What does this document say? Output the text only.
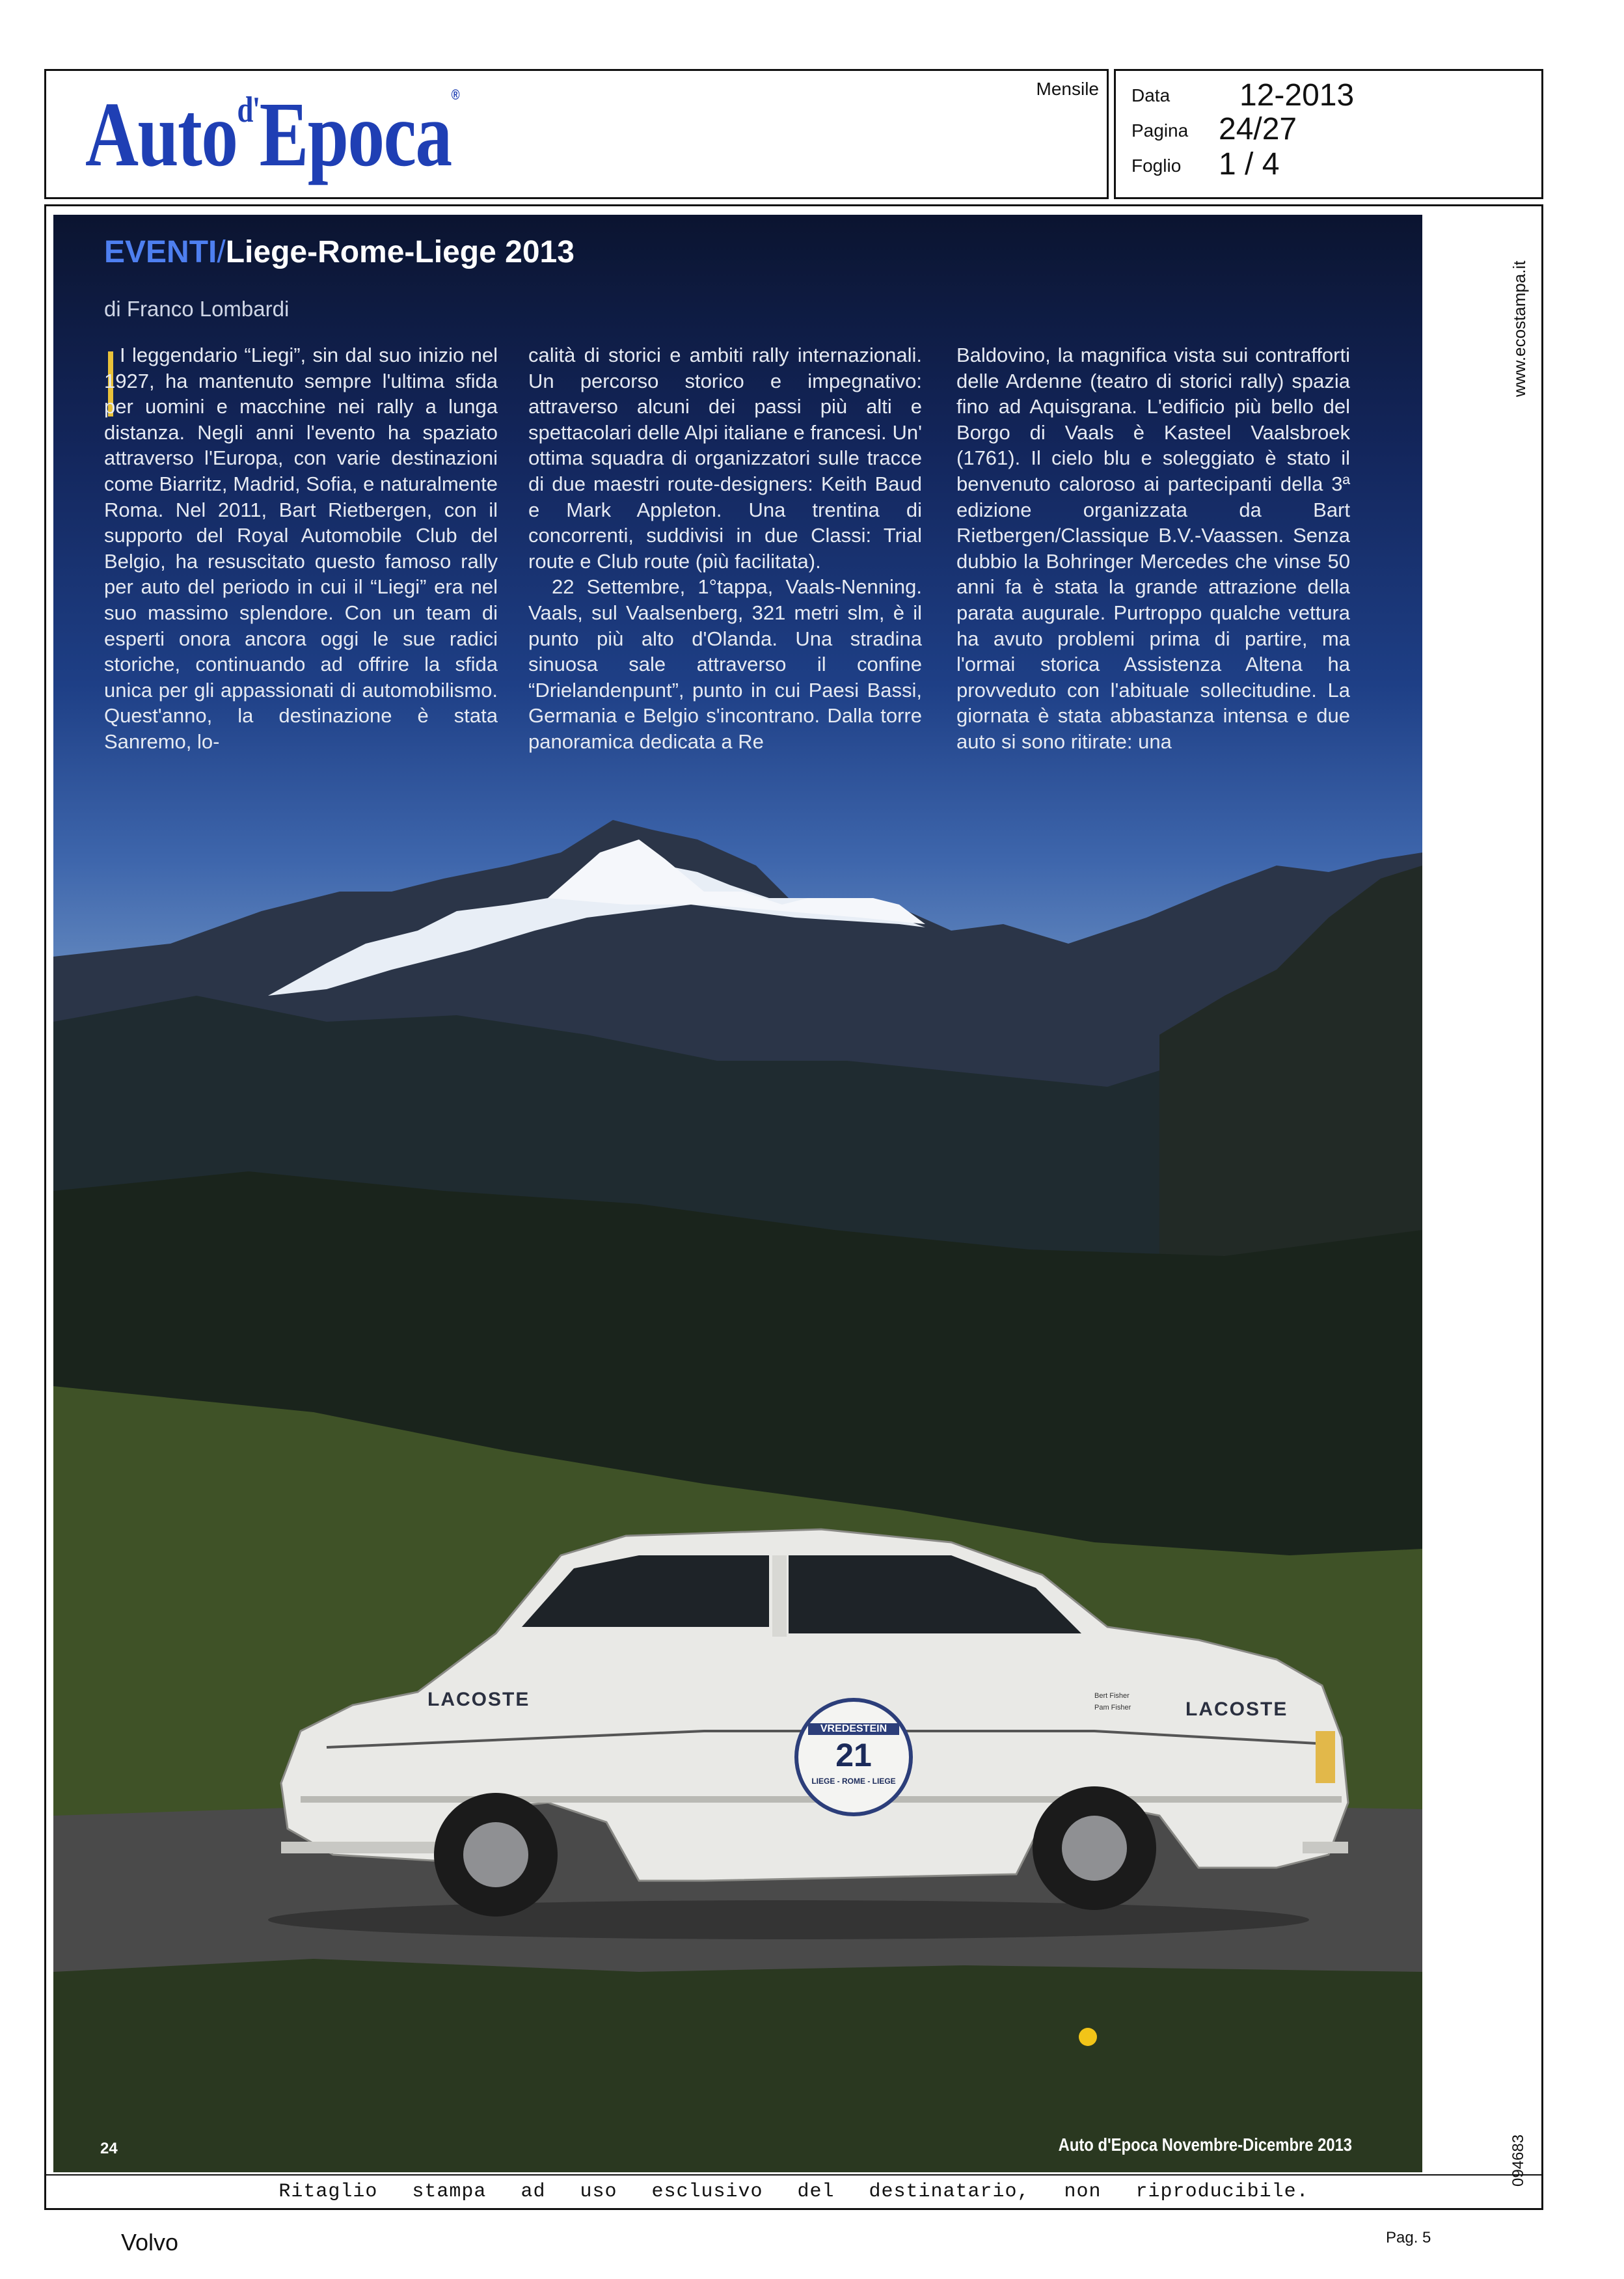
Auto$^{d'}$Epoca®	Mensile Data 12-2013
Pagina 24/27
Foglio 1 / 4
Ritaglio stampa ad uso esclusivo del destinatario, non riproducibile.
www.ecostampa.it
094683
EVENTI/Liege-Rome-Liege 2013
di Franco Lombardi

I leggendario “Liegi”, sin dal suo inizio nel 1927, ha mantenuto sempre l'ultima sfida per uomini e macchine nei rally a lunga distanza. Negli anni l'evento ha spaziato attraverso l'Europa, con varie destinazioni come Biarritz, Madrid, Sofia, e naturalmente Roma. Nel 2011, Bart Rietbergen, con il supporto del Royal Automobile Club del Belgio, ha resuscitato questo famoso rally per auto del periodo in cui il “Liegi” era nel suo massimo splendore. Con un team di esperti onora ancora oggi le sue radici storiche, continuando ad offrire la sfida unica per gli appassionati di automobilismo. Quest'anno, la destinazione è stata Sanremo, lo-

calità di storici e ambiti rally internazionali. Un percorso storico e impegnativo: attraverso alcuni dei passi più alti e spettacolari delle Alpi italiane e francesi. Un' ottima squadra di organizzatori sulle tracce di due maestri route-designers: Keith Baud e Mark Appleton. Una trentina di concorrenti, suddivisi in due Classi: Trial route e Club route (più facilitata).

22 Settembre, 1°tappa, Vaals-Nenning. Vaals, sul Vaalsenberg, 321 metri slm, è il punto più alto d'Olanda. Una stradina sinuosa sale attraverso il confine “Drielandenpunt”, punto in cui Paesi Bassi, Germania e Belgio s'incontrano. Dalla torre panoramica dedicata a Re

Baldovino, la magnifica vista sui contrafforti delle Ardenne (teatro di storici rally) spazia fino ad Aquisgrana. L'edificio più bello del Borgo di Vaals è Kasteel Vaalsbroek (1761). Il cielo blu e soleggiato è stato il benvenuto caloroso ai partecipanti della 3ª edizione organizzata da Bart Rietbergen/Classique B.V.-Vaassen. Senza dubbio la Bohringer Mercedes che vinse 50 anni fa è stata la grande attrazione della parata augurale. Purtroppo qualche vettura ha avuto problemi prima di partire, ma l'ormai storica Assistenza Altena ha provveduto con l'abituale sollecitudine. La giornata è stata abbastanza intensa e due auto si sono ritirate: una

LACOSTE	LACOSTE
VREDESTEIN
21
LIEGE - ROME - LIEGE
Bert Fisher
Pam Fisher
24	Auto d'Epoca Novembre-Dicembre 2013
Volvo	Pag. 5
